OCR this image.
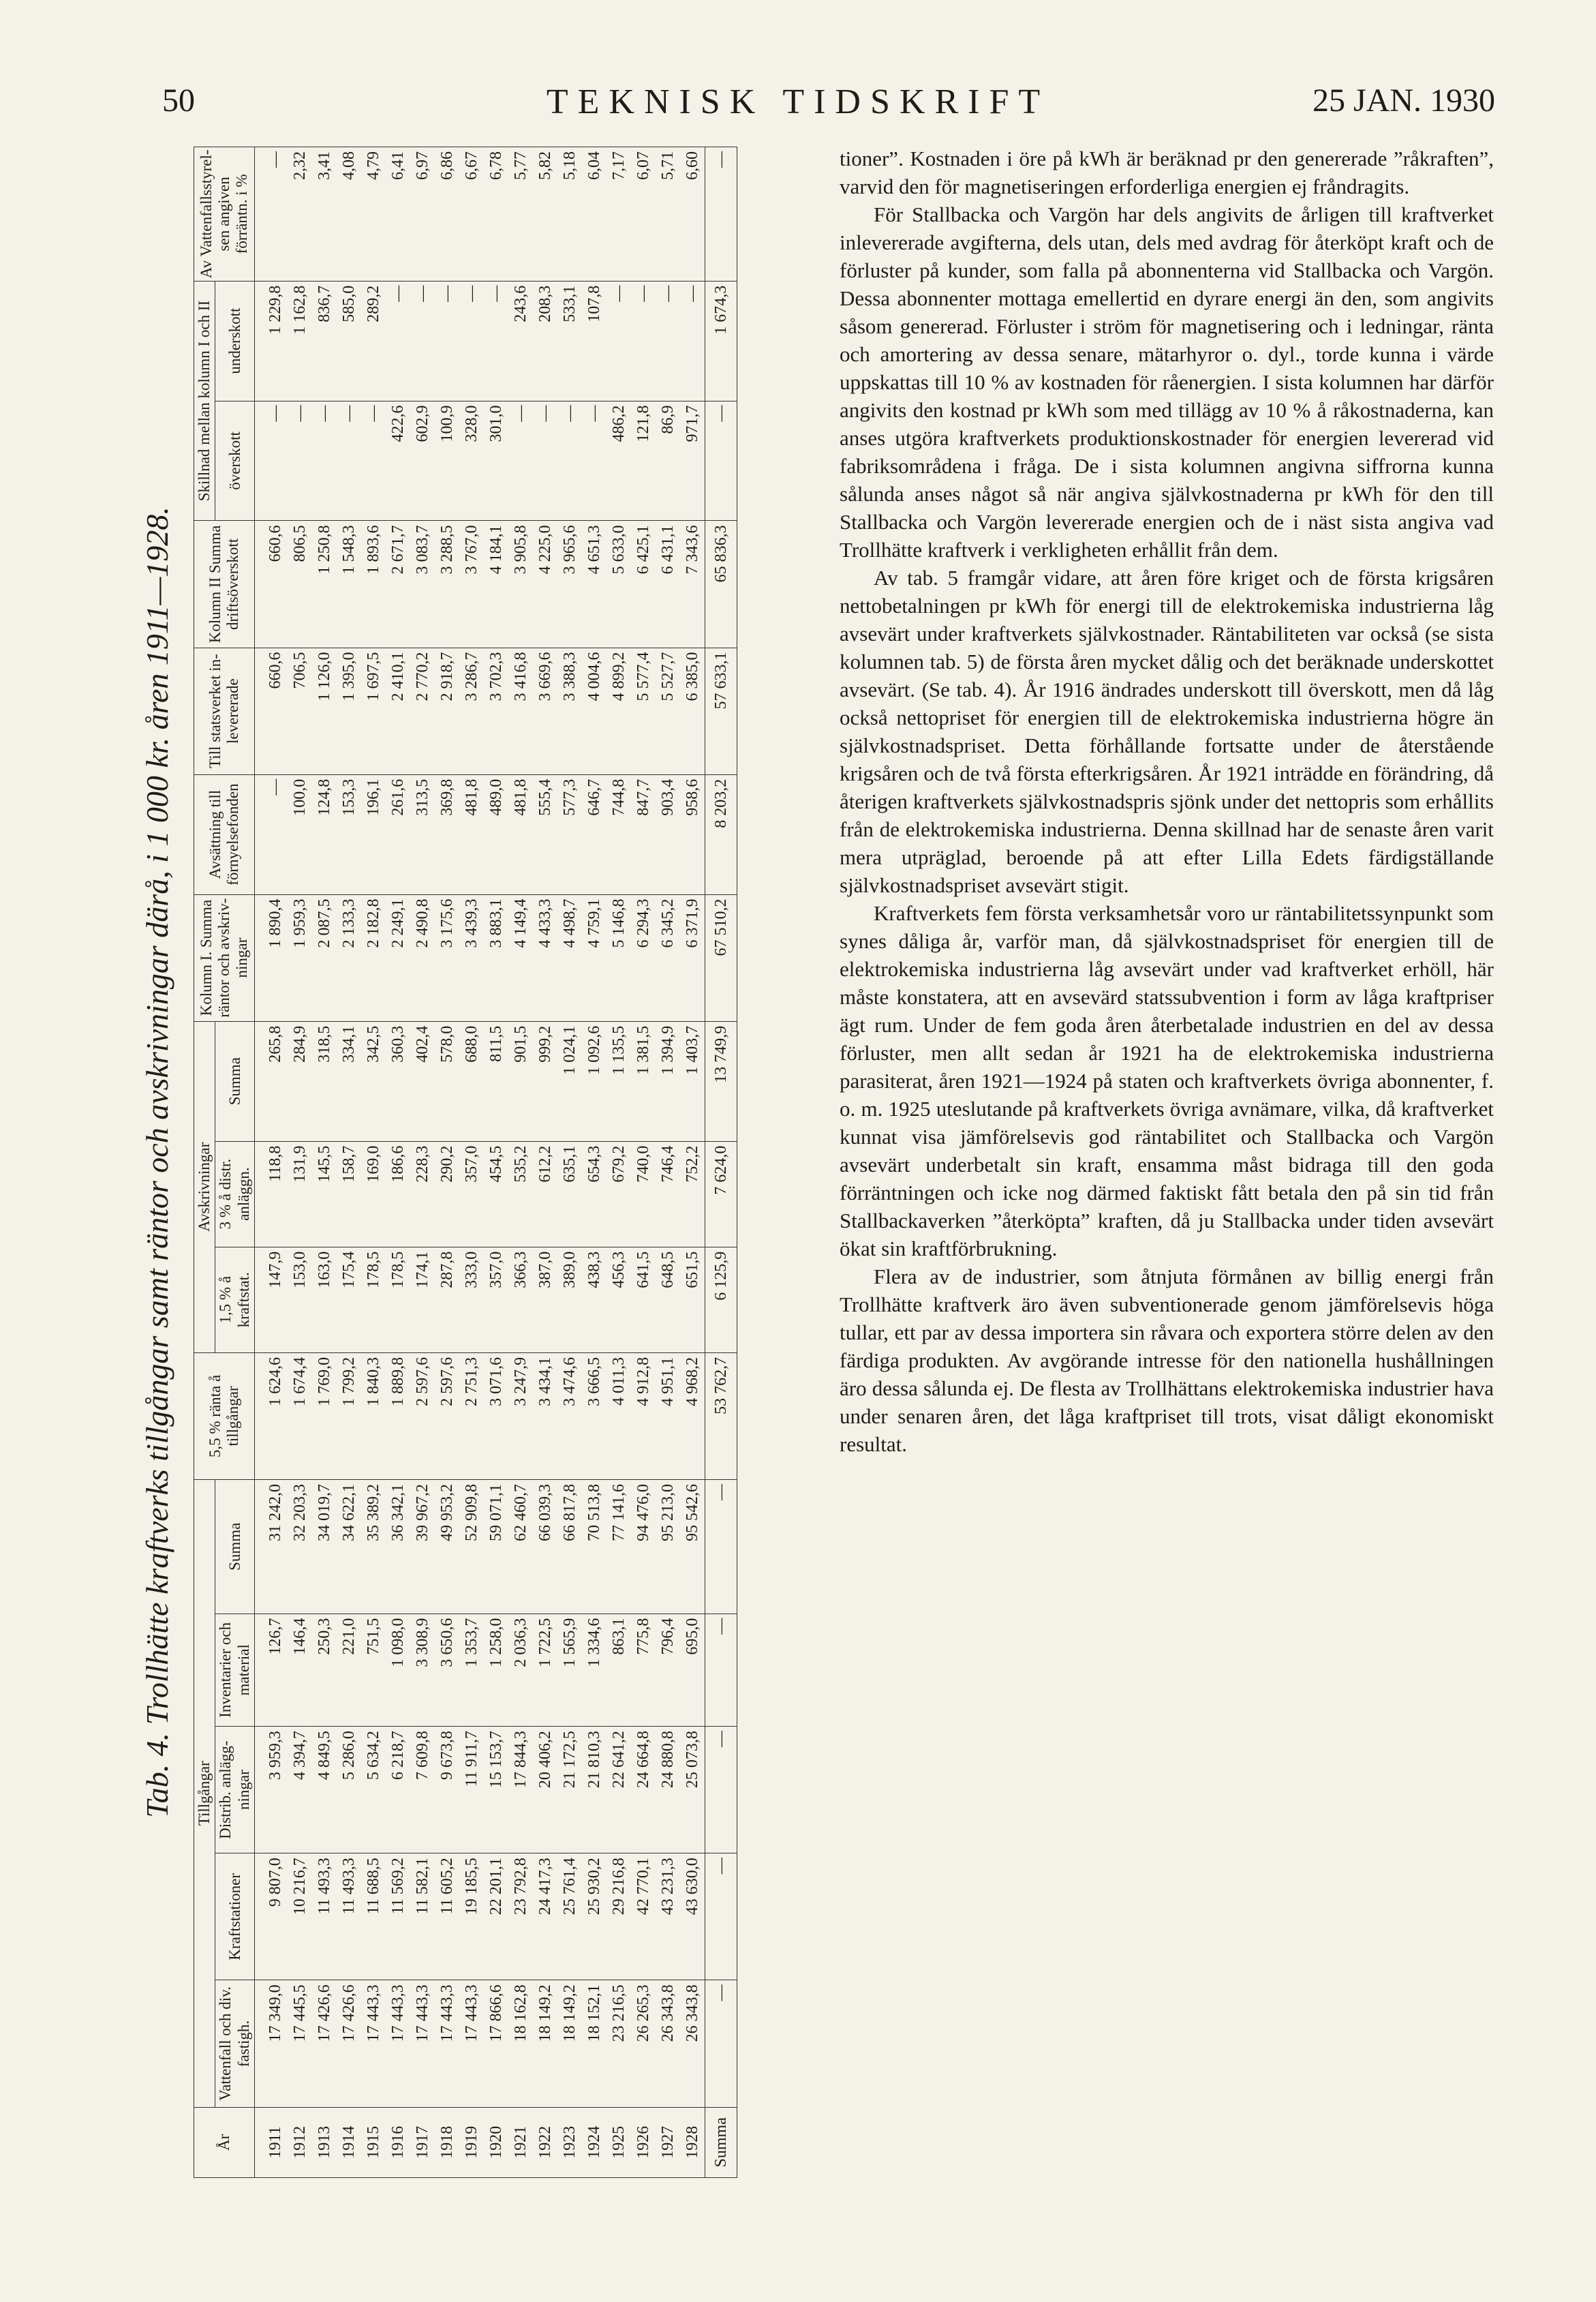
50	TEKNISK TIDSKRIFT	25 JAN. 1930
Tab. 4. Trollhätte kraftverks tillgångar samt räntor och avskrivningar därå, i 1 000 kr. åren 1911—1928.
År	Tillgångar					5,5 % ränta å tillgångar	Avskrivningar			Kolumn I. Summa räntor och avskrivningar	Avsättning till förnyelsefonden	Till statsverket inlevererade	Kolumn II Summa driftsöverskott	Skillnad mellan kolumn I och II		Av Vattenfallsstyrelsen angiven förräntn. i %
	Vattenfall och div. fastigh.	Kraftstationer	Distrib. anläggningar	Inventarier och material	Summa		1,5 % å kraftstat.	3 % å distr. anläggn.	Summa					överskott	underskott	
1911	17 349,0	9 807,0	3 959,3	126,7	31 242,0	1 624,6	147,9	118,8	265,8	1 890,4	—	660,6	660,6	—	1 229,8	—
1912	17 445,5	10 216,7	4 394,7	146,4	32 203,3	1 674,4	153,0	131,9	284,9	1 959,3	100,0	706,5	806,5	—	1 162,8	2,32
1913	17 426,6	11 493,3	4 849,5	250,3	34 019,7	1 769,0	163,0	145,5	318,5	2 087,5	124,8	1 126,0	1 250,8	—	836,7	3,41
1914	17 426,6	11 493,3	5 286,0	221,0	34 622,1	1 799,2	175,4	158,7	334,1	2 133,3	153,3	1 395,0	1 548,3	—	585,0	4,08
1915	17 443,3	11 688,5	5 634,2	751,5	35 389,2	1 840,3	178,5	169,0	342,5	2 182,8	196,1	1 697,5	1 893,6	—	289,2	4,79
1916	17 443,3	11 569,2	6 218,7	1 098,0	36 342,1	1 889,8	178,5	186,6	360,3	2 249,1	261,6	2 410,1	2 671,7	422,6	—	6,41
1917	17 443,3	11 582,1	7 609,8	3 308,9	39 967,2	2 597,6	174,1	228,3	402,4	2 490,8	313,5	2 770,2	3 083,7	602,9	—	6,97
1918	17 443,3	11 605,2	9 673,8	3 650,6	49 953,2	2 597,6	287,8	290,2	578,0	3 175,6	369,8	2 918,7	3 288,5	100,9	—	6,86
1919	17 443,3	19 185,5	11 911,7	1 353,7	52 909,8	2 751,3	333,0	357,0	688,0	3 439,3	481,8	3 286,7	3 767,0	328,0	—	6,67
1920	17 866,6	22 201,1	15 153,7	1 258,0	59 071,1	3 071,6	357,0	454,5	811,5	3 883,1	489,0	3 702,3	4 184,1	301,0	—	6,78
1921	18 162,8	23 792,8	17 844,3	2 036,3	62 460,7	3 247,9	366,3	535,2	901,5	4 149,4	481,8	3 416,8	3 905,8	—	243,6	5,77
1922	18 149,2	24 417,3	20 406,2	1 722,5	66 039,3	3 434,1	387,0	612,2	999,2	4 433,3	555,4	3 669,6	4 225,0	—	208,3	5,82
1923	18 149,2	25 761,4	21 172,5	1 565,9	66 817,8	3 474,6	389,0	635,1	1 024,1	4 498,7	577,3	3 388,3	3 965,6	—	533,1	5,18
1924	18 152,1	25 930,2	21 810,3	1 334,6	70 513,8	3 666,5	438,3	654,3	1 092,6	4 759,1	646,7	4 004,6	4 651,3	—	107,8	6,04
1925	23 216,5	29 216,8	22 641,2	863,1	77 141,6	4 011,3	456,3	679,2	1 135,5	5 146,8	744,8	4 899,2	5 633,0	486,2	—	7,17
1926	26 265,3	42 770,1	24 664,8	775,8	94 476,0	4 912,8	641,5	740,0	1 381,5	6 294,3	847,7	5 577,4	6 425,1	121,8	—	6,07
1927	26 343,8	43 231,3	24 880,8	796,4	95 213,0	4 951,1	648,5	746,4	1 394,9	6 345,2	903,4	5 527,7	6 431,1	86,9	—	5,71
1928	26 343,8	43 630,0	25 073,8	695,0	95 542,6	4 968,2	651,5	752,2	1 403,7	6 371,9	958,6	6 385,0	7 343,6	971,7	—	6,60
Summa	—	—	—	—	—	53 762,7	6 125,9	7 624,0	13 749,9	67 510,2	8 203,2	57 633,1	65 836,3	—	1 674,3	—	tioner”. Kostnaden i öre på kWh är beräknad pr den genererade ”råkraften”, varvid den för magnetiseringen erforderliga energien ej fråndragits.

För Stallbacka och Vargön har dels angivits de årligen till kraftverket inlevererade avgifterna, dels utan, dels med avdrag för återköpt kraft och de förluster på kunder, som falla på abonnenterna vid Stallbacka och Vargön. Dessa abonnenter mottaga emellertid en dyrare energi än den, som angivits såsom genererad. Förluster i ström för magnetisering och i ledningar, ränta och amortering av dessa senare, mätarhyror o. dyl., torde kunna i värde uppskattas till 10 % av kostnaden för råenergien. I sista kolumnen har därför angivits den kostnad pr kWh som med tillägg av 10 % å råkostnaderna, kan anses utgöra kraftverkets produktionskostnader för energien levererad vid fabriksområdena i fråga. De i sista kolumnen angivna siffrorna kunna sålunda anses något så när angiva självkostnaderna pr kWh för den till Stallbacka och Vargön levererade energien och de i näst sista angiva vad Trollhätte kraftverk i verkligheten erhållit från dem.

Av tab. 5 framgår vidare, att åren före kriget och de första krigsåren nettobetalningen pr kWh för energi till de elektrokemiska industrierna låg avsevärt under kraftverkets självkostnader. Räntabiliteten var också (se sista kolumnen tab. 5) de första åren mycket dålig och det beräknade underskottet avsevärt. (Se tab. 4). År 1916 ändrades underskott till överskott, men då låg också nettopriset för energien till de elektrokemiska industrierna högre än självkostnadspriset. Detta förhållande fortsatte under de återstående krigsåren och de två första efterkrigsåren. År 1921 inträdde en förändring, då återigen kraftverkets självkostnadspris sjönk under det nettopris som erhållits från de elektrokemiska industrierna. Denna skillnad har de senaste åren varit mera utpräglad, beroende på att efter Lilla Edets färdigställande självkostnadspriset avsevärt stigit.

Kraftverkets fem första verksamhetsår voro ur räntabilitetssynpunkt som synes dåliga år, varför man, då självkostnadspriset för energien till de elektrokemiska industrierna låg avsevärt under vad kraftverket erhöll, här måste konstatera, att en avsevärd statssubvention i form av låga kraftpriser ägt rum. Under de fem goda åren återbetalade industrien en del av dessa förluster, men allt sedan år 1921 ha de elektrokemiska industrierna parasiterat, åren 1921—1924 på staten och kraftverkets övriga abonnenter, f. o. m. 1925 uteslutande på kraftverkets övriga avnämare, vilka, då kraftverket kunnat visa jämförelsevis god räntabilitet och Stallbacka och Vargön avsevärt underbetalt sin kraft, ensamma måst bidraga till den goda förräntningen och icke nog därmed faktiskt fått betala den på sin tid från Stallbackaverken ”återköpta” kraften, då ju Stallbacka under tiden avsevärt ökat sin kraftförbrukning.

Flera av de industrier, som åtnjuta förmånen av billig energi från Trollhätte kraftverk äro även subventionerade genom jämförelsevis höga tullar, ett par av dessa importera sin råvara och exportera större delen av den färdiga produkten. Av avgörande intresse för den nationella hushållningen äro dessa sålunda ej. De flesta av Trollhättans elektrokemiska industrier hava under senaren åren, det låga kraftpriset till trots, visat dåligt ekonomiskt resultat.
